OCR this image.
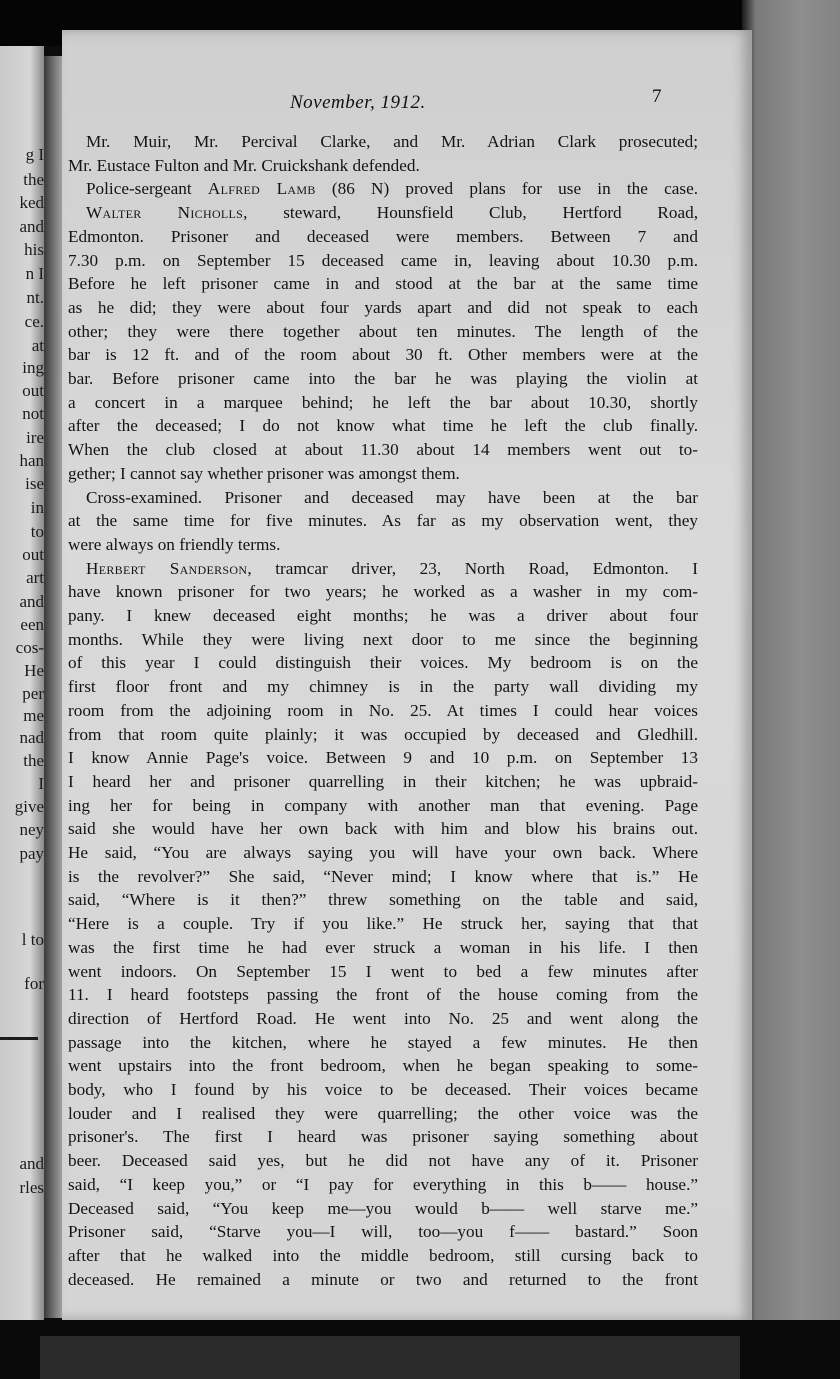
November, 1912.	7
g I
the
ked
and
his
n I
nt.
ce.
at
ing
out
not
ire
han
ise
in
to
out
art
and
een
cos-
He
per
me
nad
the
I
give
ney
pay
l to
for
and
rles
Mr. Muir, Mr. Percival Clarke, and Mr. Adrian Clark prosecuted;
Mr. Eustace Fulton and Mr. Cruickshank defended.
Police-sergeant Alfred Lamb (86 N) proved plans for use in the case.
Walter Nicholls, steward, Hounsfield Club, Hertford Road,
Edmonton. Prisoner and deceased were members. Between 7 and
7.30 p.m. on September 15 deceased came in, leaving about 10.30 p.m.
Before he left prisoner came in and stood at the bar at the same time
as he did; they were about four yards apart and did not speak to each
other; they were there together about ten minutes. The length of the
bar is 12 ft. and of the room about 30 ft. Other members were at the
bar. Before prisoner came into the bar he was playing the violin at
a concert in a marquee behind; he left the bar about 10.30, shortly
after the deceased; I do not know what time he left the club finally.
When the club closed at about 11.30 about 14 members went out to-
gether; I cannot say whether prisoner was amongst them.
Cross-examined. Prisoner and deceased may have been at the bar
at the same time for five minutes. As far as my observation went, they
were always on friendly terms.
Herbert Sanderson, tramcar driver, 23, North Road, Edmonton. I
have known prisoner for two years; he worked as a washer in my com-
pany. I knew deceased eight months; he was a driver about four
months. While they were living next door to me since the beginning
of this year I could distinguish their voices. My bedroom is on the
first floor front and my chimney is in the party wall dividing my
room from the adjoining room in No. 25. At times I could hear voices
from that room quite plainly; it was occupied by deceased and Gledhill.
I know Annie Page's voice. Between 9 and 10 p.m. on September 13
I heard her and prisoner quarrelling in their kitchen; he was upbraid-
ing her for being in company with another man that evening. Page
said she would have her own back with him and blow his brains out.
He said, “You are always saying you will have your own back. Where
is the revolver?” She said, “Never mind; I know where that is.” He
said, “Where is it then?” threw something on the table and said,
“Here is a couple. Try if you like.” He struck her, saying that that
was the first time he had ever struck a woman in his life. I then
went indoors. On September 15 I went to bed a few minutes after
11. I heard footsteps passing the front of the house coming from the
direction of Hertford Road. He went into No. 25 and went along the
passage into the kitchen, where he stayed a few minutes. He then
went upstairs into the front bedroom, when he began speaking to some-
body, who I found by his voice to be deceased. Their voices became
louder and I realised they were quarrelling; the other voice was the
prisoner's. The first I heard was prisoner saying something about
beer. Deceased said yes, but he did not have any of it. Prisoner
said, “I keep you,” or “I pay for everything in this b—— house.”
Deceased said, “You keep me—you would b—— well starve me.”
Prisoner said, “Starve you—I will, too—you f—— bastard.” Soon
after that he walked into the middle bedroom, still cursing back to
deceased. He remained a minute or two and returned to the front
